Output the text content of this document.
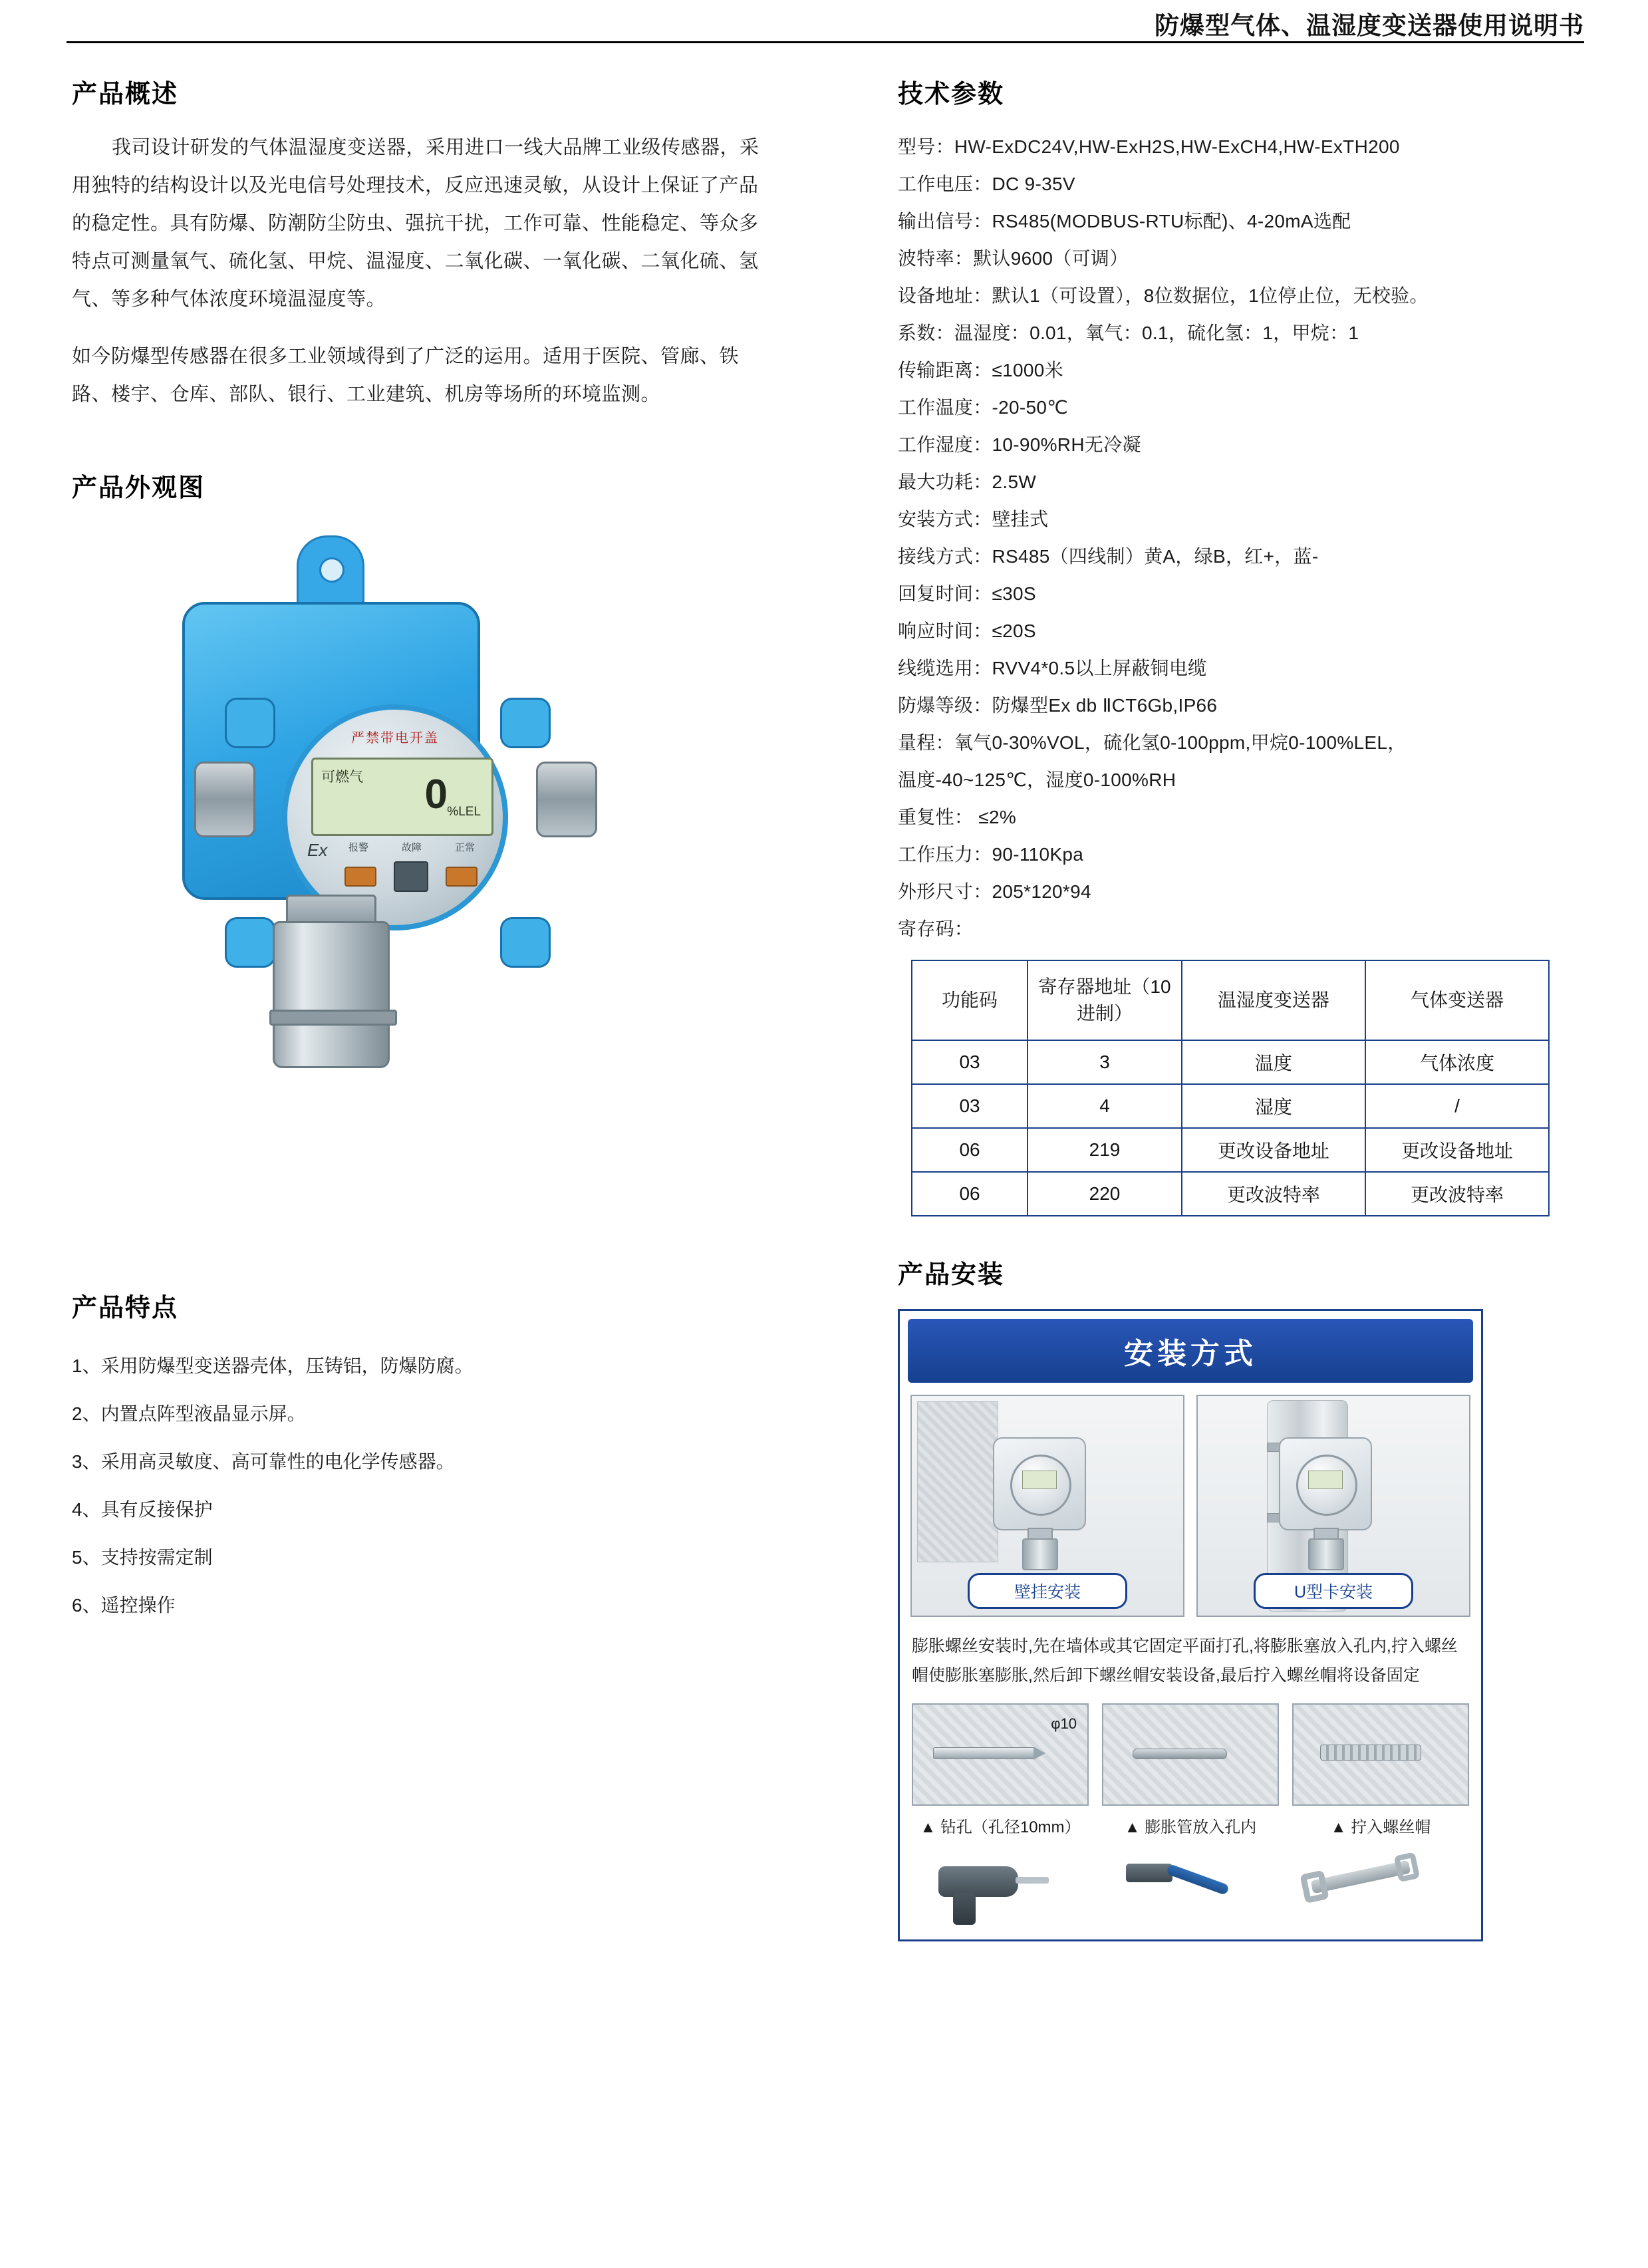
防爆型气体、温湿度变送器使用说明书
产品概述

我司设计研发的气体温湿度变送器，采用进口一线大品牌工业级传感器，采用独特的结构设计以及光电信号处理技术，反应迅速灵敏，从设计上保证了产品的稳定性。具有防爆、防潮防尘防虫、强抗干扰，工作可靠、性能稳定、等众多特点可测量氧气、硫化氢、甲烷、温湿度、二氧化碳、一氧化碳、二氧化硫、氢气、等多种气体浓度环境温湿度等。

如今防爆型传感器在很多工业领域得到了广泛的运用。适用于医院、管廊、铁路、楼宇、仓库、部队、银行、工业建筑、机房等场所的环境监测。

产品外观图
严禁带电开盖
可燃气 0 %LEL
Ex 报警	故障	正常
产品特点
1、采用防爆型变送器壳体，压铸铝，防爆防腐。
2、内置点阵型液晶显示屏。
3、采用高灵敏度、高可靠性的电化学传感器。
4、具有反接保护
5、支持按需定制
6、遥控操作
技术参数
型号：HW-ExDC24V,HW-ExH2S,HW-ExCH4,HW-ExTH200
工作电压：DC 9-35V
输出信号：RS485(MODBUS-RTU标配)、4-20mA选配
波特率：默认9600（可调）
设备地址：默认1（可设置），8位数据位，1位停止位，无校验。
系数：温湿度：0.01，氧气：0.1，硫化氢：1，甲烷：1
传输距离：≤1000米
工作温度：-20-50℃
工作湿度：10-90%RH无冷凝
最大功耗：2.5W
安装方式：壁挂式
接线方式：RS485（四线制）黄A，绿B，红+，蓝-
回复时间：≤30S
响应时间：≤20S
线缆选用：RVV4*0.5以上屏蔽铜电缆
防爆等级：防爆型Ex db ⅡCT6Gb,IP66
量程：氧气0-30%VOL，硫化氢0-100ppm,甲烷0-100%LEL，
温度-40~125℃，湿度0-100%RH
重复性： ≤2%
工作压力：90-110Kpa
外形尺寸：205*120*94
寄存码：
功能码	寄存器地址（10进制）	温湿度变送器	气体变送器
03	3	温度	气体浓度
03	4	湿度	/
06	219	更改设备地址	更改设备地址
06	220	更改波特率	更改波特率
产品安装
安装方式
壁挂安装	U型卡安装
膨胀螺丝安装时,先在墙体或其它固定平面打孔,将膨胀塞放入孔内,拧入螺丝帽使膨胀塞膨胀,然后卸下螺丝帽安装设备,最后拧入螺丝帽将设备固定
φ10
▲ 钻孔（孔径10mm）	▲ 膨胀管放入孔内	▲ 拧入螺丝帽
